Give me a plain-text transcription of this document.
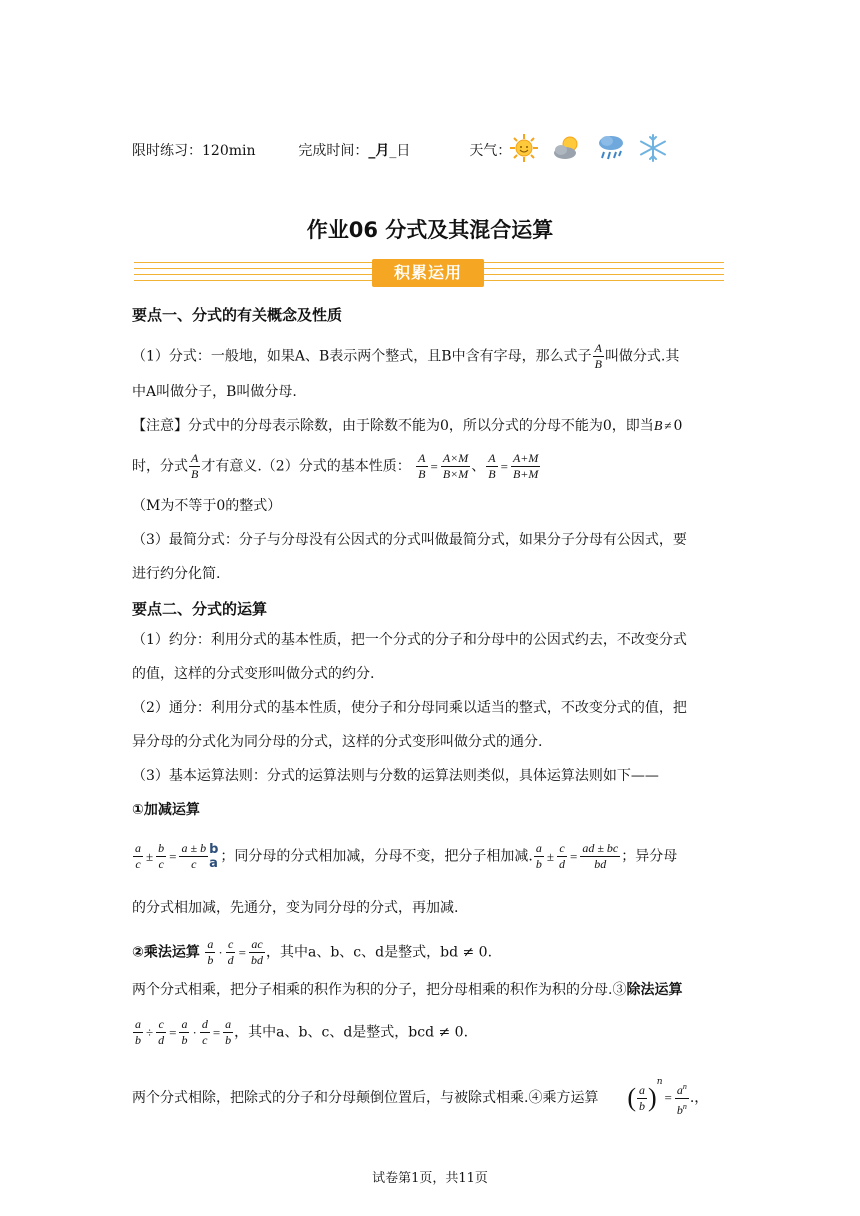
限时练习：120min	完成时间：_月_日	天气：
作业06 分式及其混合运算
积累运用
要点一、分式的有关概念及性质
（1）分式：一般地，如果A、B表示两个整式，且B中含有字母，那么式子 $\frac{A}{B}$ 叫做分式.其
中A叫做分子，B叫做分母.
【注意】分式中的分母表示除数，由于除数不能为0，所以分式的分母不能为0，即当B ≠ 0
时，分式 $\frac{A}{B}$ 才有意义.（2）分式的基本性质： $\frac{A}{B} = \frac{A\times M}{B\times M}$ 、 $\frac{A}{B} = \frac{A+M}{B+M}$
（M为不等于0的整式）
（3）最简分式：分子与分母没有公因式的分式叫做最简分式，如果分子分母有公因式，要
进行约分化简.
要点二、分式的运算
（1）约分：利用分式的基本性质，把一个分式的分子和分母中的公因式约去，不改变分式
的值，这样的分式变形叫做分式的约分.
（2）通分：利用分式的基本性质，使分子和分母同乘以适当的整式，不改变分式的值，把
异分母的分式化为同分母的分式，这样的分式变形叫做分式的通分.
（3）基本运算法则：分式的运算法则与分数的运算法则类似，具体运算法则如下——
①加减运算
$\frac{a}{c} \pm \frac{b}{c} = \frac{a \pm b}{c}$ b
a ；同分母的分式相加减，分母不变，把分子相加减. $\frac{a}{b} \pm \frac{c}{d} = \frac{ad \pm bc}{bd}$ ；异分母
的分式相加减，先通分，变为同分母的分式，再加减.
②乘法运算 $\frac{a}{b} \cdot \frac{c}{d} = \frac{ac}{bd}$ ，其中a、b、c、d是整式，bd ≠ 0.
两个分式相乘，把分子相乘的积作为积的分子，把分母相乘的积作为积的分母.③除法运算
$\frac{a}{b} \div \frac{c}{d} = \frac{a}{b} \cdot \frac{d}{c} = \frac{a}{b}$ ，其中a、b、c、d是整式，bcd ≠ 0.
两个分式相除，把除式的分子和分母颠倒位置后，与被除式相乘.④乘方运算 ( $\frac{a}{b} )^n= \frac{a^n}{b^n}$ .，
试卷第1页，共11页
